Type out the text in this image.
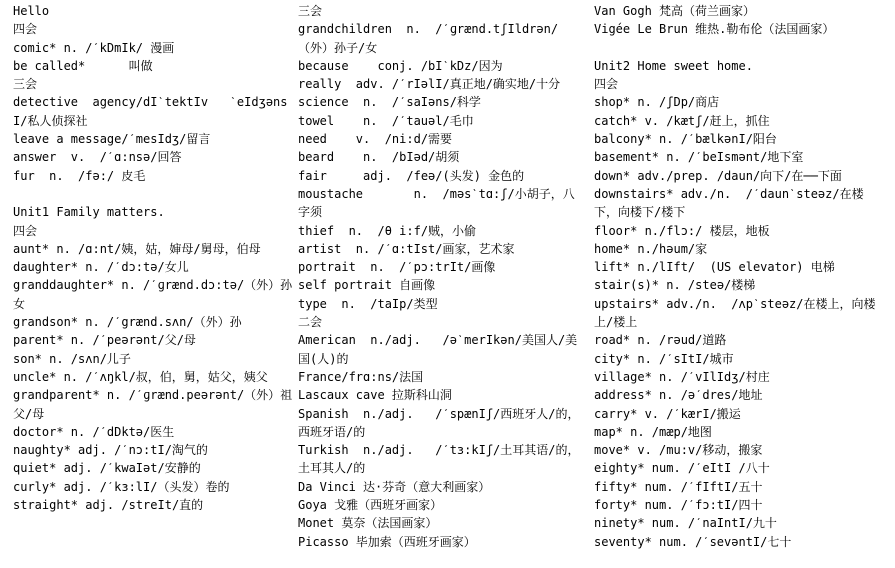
Hello
四会
comic* n. /ˊkDmIk/ 漫画
be called*      叫做
三会
detective  agency/dIˋtektIv   ˋeIdʒənsI/私人侦探社
leave a message/ˊmesIdʒ/留言
answer  v.  /ˊɑ:nsə/回答
fur  n.  /fə:/ 皮毛
Unit1 Family matters.
四会
aunt* n. /ɑ:nt/姨，姑，婶母/舅母，伯母
daughter* n. /ˊdɔ:tə/女儿
granddaughter* n. /ˊɡrænd.dɔ:tə/（外）孙女
grandson* n. /ˊgrænd.sʌn/（外）孙
parent* n. /ˊpeərənt/父/母
son* n. /sʌn/儿子
uncle* n. /ˊʌŋkl/叔，伯，舅，姑父，姨父
grandparent* n. /ˊɡrænd.peərənt/（外）祖父/母
doctor* n. /ˊdDktə/医生
naughty* adj. /ˊnɔ:tI/淘气的
quiet* adj. /ˊkwaIət/安静的
curly* adj. /ˊkɜ:lI/（头发）卷的
straight* adj. /streIt/直的
三会
grandchildren  n.  /ˊɡrænd.tʃIldrən/（外）孙子/女
because    conj. /bIˋkDz/因为
really  adv. /ˊrIəlI/真正地/确实地/十分
science  n.  /ˊsaIəns/科学
towel    n.  /ˊtauəl/毛巾
need    v.  /ni:d/需要
beard    n.  /bIəd/胡须
fair     adj.  /feə/(头发) 金色的
moustache       n.  /məsˋtɑ:ʃ/小胡子，八字须
thief  n.  /θ i:f/贼，小偷
artist  n. /ˊɑ:tIst/画家，艺术家
portrait  n.  /ˊpɔ:trIt/画像
self portrait 自画像
type  n.  /taIp/类型
二会
American  n./adj.   /əˋmerIkən/美国人/美国(人)的
France/frɑ:ns/法国
Lascaux cave 拉斯科山洞
Spanish  n./adj.   /ˊspænIʃ/西班牙人/的，西班牙语/的
Turkish  n./adj.   /ˊtɜ:kIʃ/土耳其语/的，土耳其人/的
Da Vinci 达·芬奇（意大利画家）
Goya 戈雅（西班牙画家）
Monet 莫奈（法国画家）
Picasso 毕加索（西班牙画家）
Van Gogh 梵高（荷兰画家）
Vigée Le Brun 维热.勒布伦（法国画家）
Unit2 Home sweet home.
四会
shop* n. /ʃDp/商店
catch* v. /kætʃ/赶上，抓住
balcony* n. /ˊbælkənI/阳台
basement* n. /ˊbeIsmənt/地下室
down* adv./prep. /daun/向下/在──下面
downstairs* adv./n.  /ˊdaunˋsteəz/在楼下，向楼下/楼下
floor* n./flɔ:/ 楼层，地板
home* n./həum/家
lift* n./lIft/  (US elevator) 电梯
stair(s)* n. /steə/楼梯
upstairs* adv./n.  /ʌpˋsteəz/在楼上，向楼上/楼上
road* n. /rəud/道路
city* n. /ˊsItI/城市
village* n. /ˊvIlIdʒ/村庄
address* n. /əˊdres/地址
carry* v. /ˊkærI/搬运
map* n. /mæp/地图
move* v. /mu:v/移动，搬家
eighty* num. /ˊeItI /八十
fifty* num. /ˊfIftI/五十
forty* num. /ˊfɔ:tI/四十
ninety* num. /ˊnaIntI/九十
seventy* num. /ˊsevəntI/七十
